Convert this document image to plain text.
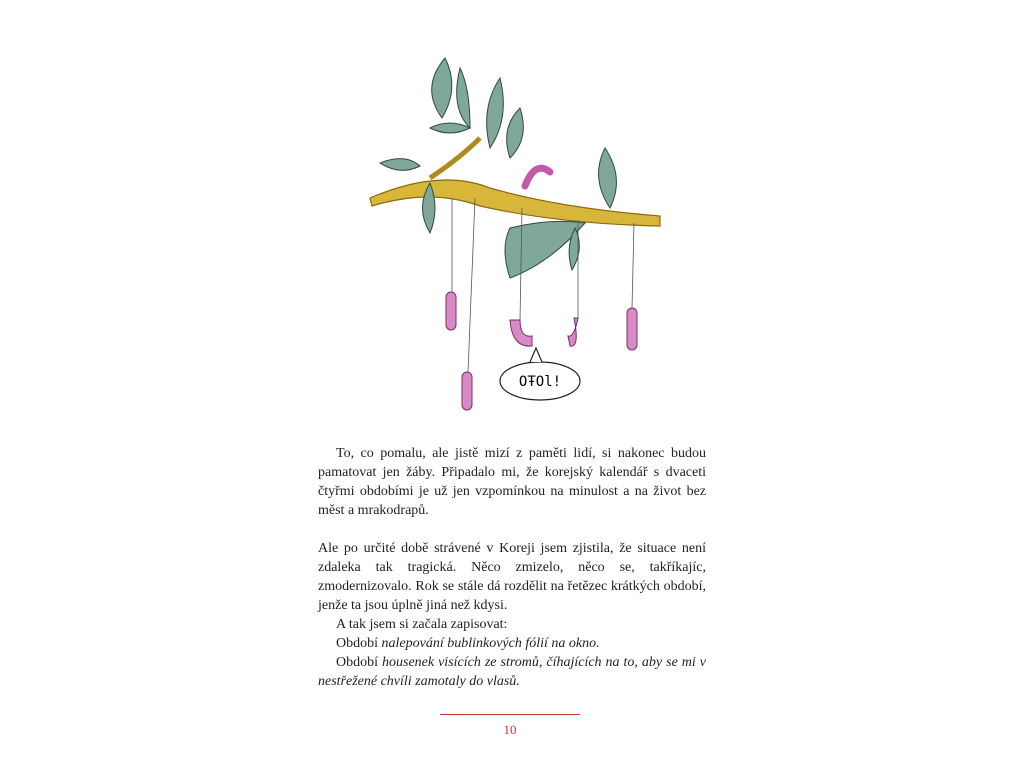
OŦOl!

To, co pomalu, ale jistě mizí z paměti lidí, si nakonec budou pamatovat jen žáby. Připadalo mi, že korejský kalendář s dvaceti čtyřmi obdobími je už jen vzpomínkou na minulost a na život bez měst a mrakodrapů.

Ale po určité době strávené v Koreji jsem zjistila, že situace není zdaleka tak tragická. Něco zmizelo, něco se, takříkajíc, zmodernizovalo. Rok se stále dá rozdělit na řetězec krátkých období, jenže ta jsou úplně jiná než kdysi.

A tak jsem si začala zapisovat:

Období nalepování bublinkových fólií na okno.

Období housenek visících ze stromů, číhajících na to, aby se mi v nestřežené chvíli zamotaly do vlasů.

10
